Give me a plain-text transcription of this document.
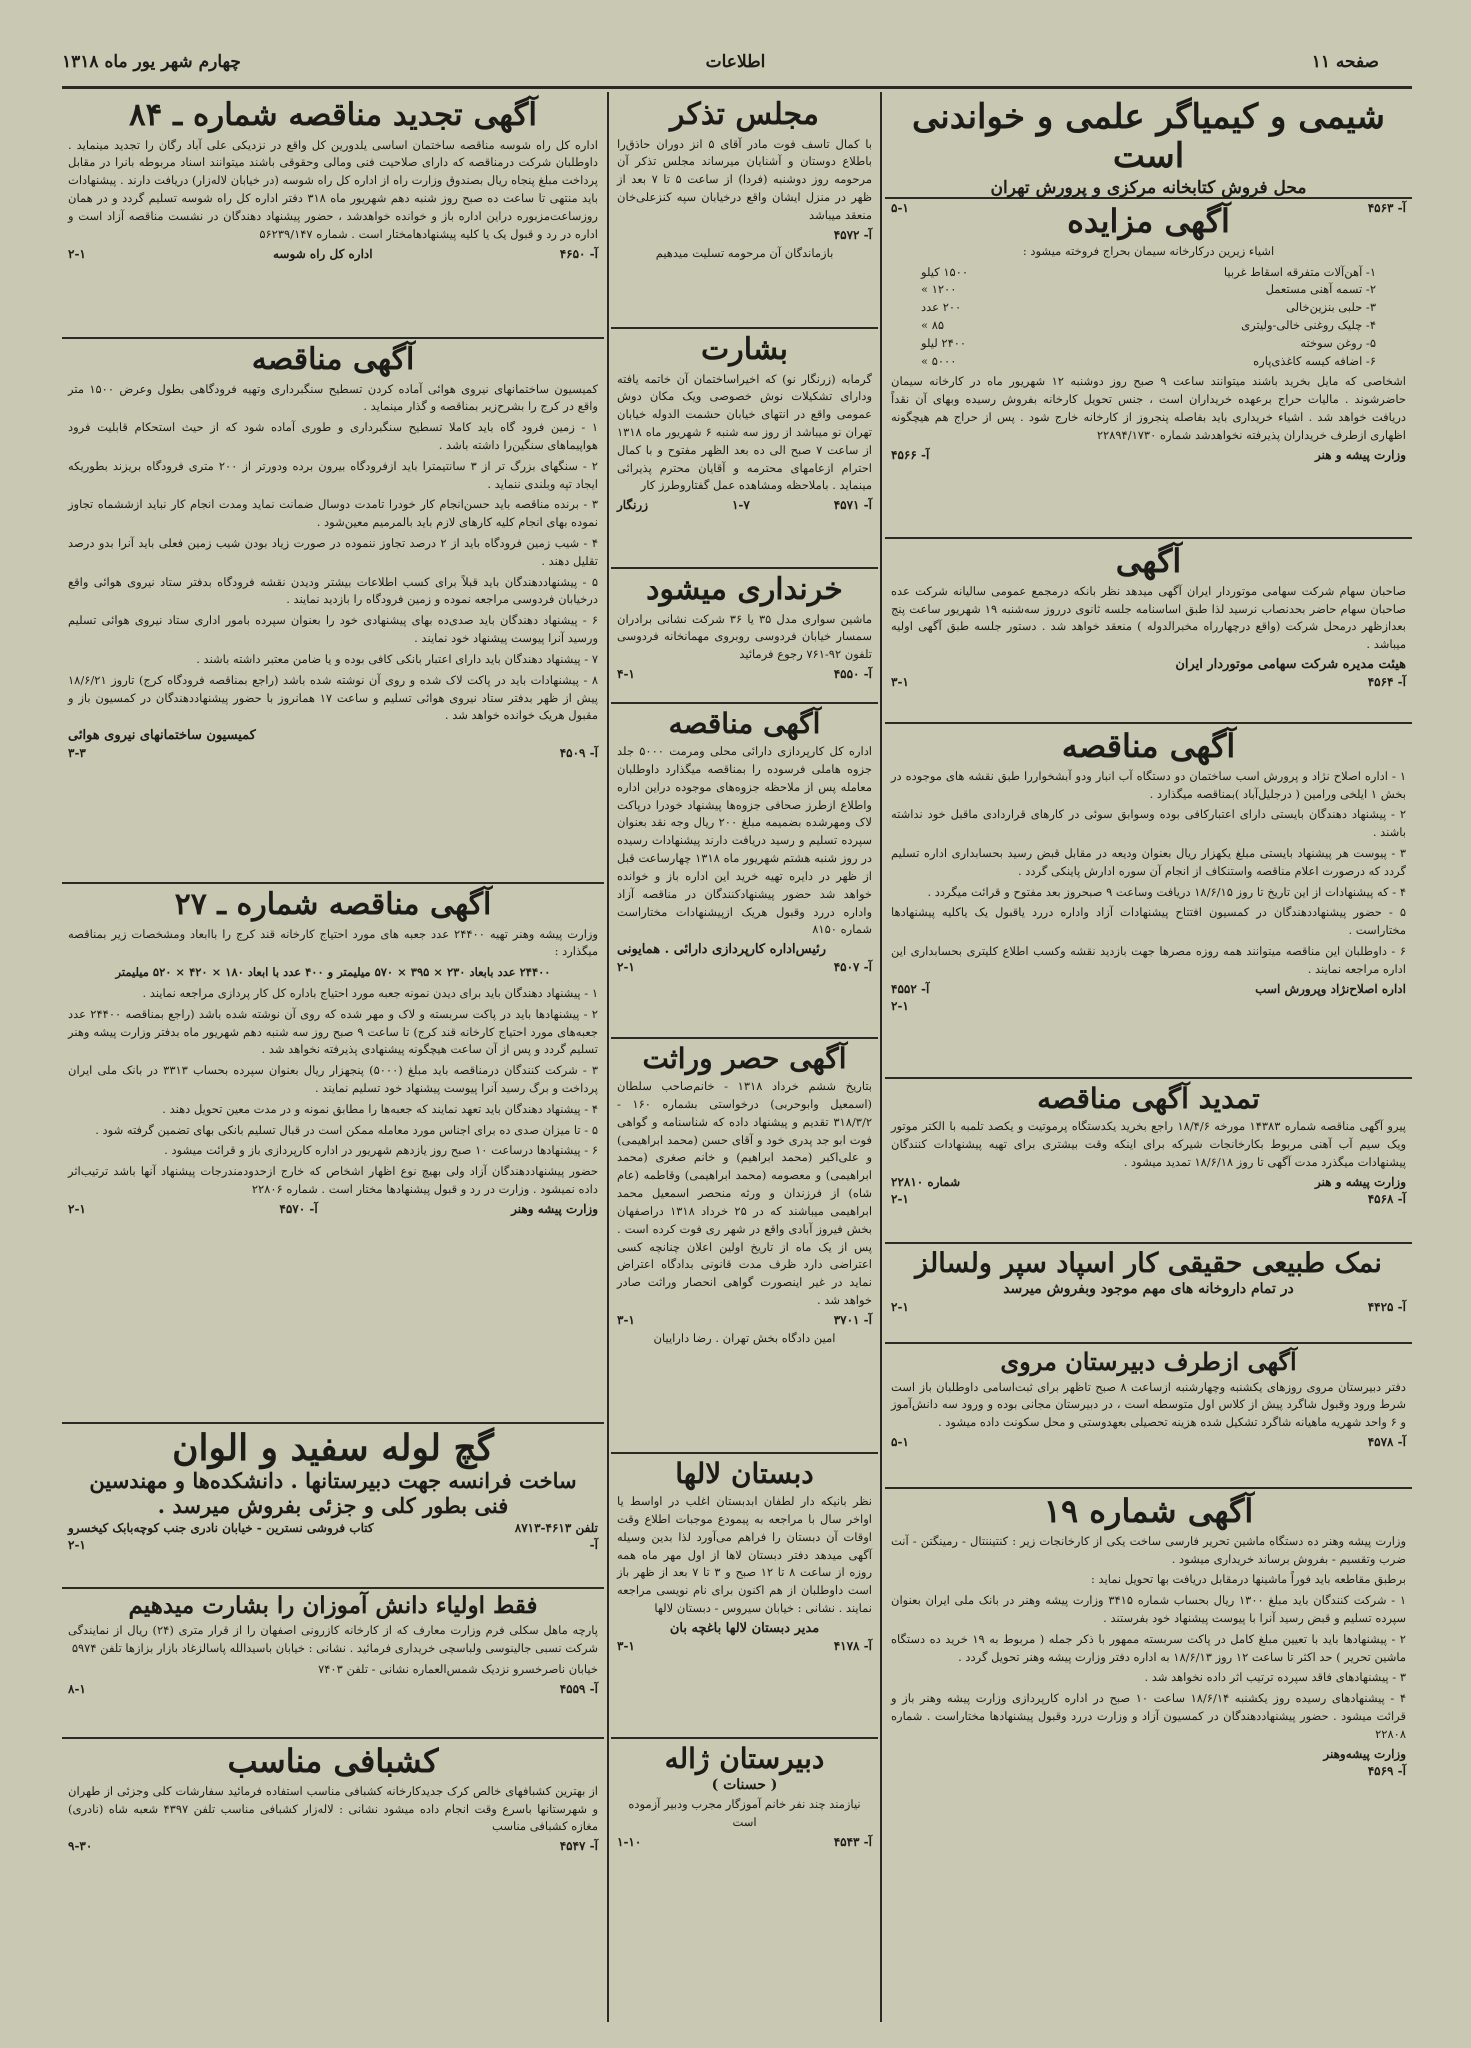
صفحه ۱۱
اطلاعات
چهارم شهر یور ماه ۱۳۱۸
شیمی و کیمیاگر علمی و خواندنی است
محل فروش کتابخانه مرکزی و پرورش تهران
آ- ۴۵۶۳
۵-۱	آگهی مزایده
اشیاء زیرین درکارخانه سیمان بحراج فروخته میشود :
۱- آهن‌آلات متفرقه اسقاط غربیا
۱۵۰۰ کیلو
۲- تسمه آهنی مستعمل
۱۲۰۰ »
۳- حلبی بنزین‌خالی
۲۰۰ عدد
۴- چلیک روغنی خالی-ولیتری
۸۵ »
۵- روغن سوخته
۲۴۰۰ لیلو
۶- اضافه کیسه کاغذی‌پاره
۵۰۰۰ »
اشخاصی که مایل بخرید باشند میتوانند ساعت ۹ صبح روز دوشنبه ۱۲ شهریور ماه در کارخانه سیمان حاضرشوند . مالیات حراج برعهده خریداران است ، جنس تحویل کارخانه بفروش رسیده وبهای آن نقداً دریافت خواهد شد . اشیاء خریداری باید بفاصله پنجروز از کارخانه خارج شود . پس از حراج هم هیچگونه اظهاری ازطرف خریداران پذیرفته نخواهدشد شماره ۲۲۸۹۴/۱۷۳۰
وزارت پیشه و هنر
آ- ۴۵۶۶
آگهی
صاحبان سهام شرکت سهامی موتوردار ایران آگهی میدهد نظر بانکه درمجمع عمومی سالیانه شرکت عده صاحبان سهام حاضر بحدنصاب نرسید لذا طبق اساسنامه جلسه ثانوی درروز سه‌شنبه ۱۹ شهریور ساعت پنج بعدازظهر درمحل شرکت (واقع درچهارراه مخبرالدوله ) منعقد خواهد شد . دستور جلسه طبق آگهی اولیه میباشد .
هیئت مدیره شرکت سهامی موتوردار ایران
آ- ۴۵۶۴
۳-۱
آگهی مناقصه
۱ - اداره اصلاح نژاد و پرورش اسب ساختمان دو دستگاه آب انبار ودو آبشخواررا طبق نقشه های موجوده در بخش ۱ ایلخی ورامین ( درجلیل‌آباد )بمناقصه میگذارد .
۲ - پیشنهاد دهندگان بایستی دارای اعتبارکافی بوده وسوابق سوئی در کارهای قراردادی ماقبل خود نداشته باشند .
۳ - پیوست هر پیشنهاد بایستی مبلغ یکهزار ریال بعنوان ودیعه در مقابل قبض رسید بحسابداری اداره تسلیم گردد که درصورت اعلام مناقصه واستنکاف از انجام آن سوره ادارش پاینکی گردد .
۴ - که پیشنهادات از این تاریخ تا روز ۱۸/۶/۱۵ دریافت وساعت ۹ صبحروز بعد مفتوح و قرائت میگردد .
۵ - حضور پیشنهاددهندگان در کمسیون افتتاح پیشنهادات آزاد واداره دررد یاقبول یک یاکلیه پیشنهادها مختاراست .
۶ - داوطلبان این مناقصه میتوانند همه روزه مصرها جهت بازدید نقشه وکسب اطلاع کلیتری بحسابداری این اداره مراجعه نمایند .
اداره اصلاح‌نژاد وپرورش اسب
آ- ۴۵۵۲
۲-۱
تمدید آگهی مناقصه
پیرو آگهی مناقصه شماره ۱۴۳۸۳ مورخه ۱۸/۴/۶ راجع بخرید یکدستگاه پرموتیت و یکصد تلمبه با الکتر موتور ویک سیم آب آهنی مربوط بکارخانجات شیرکه برای اینکه وقت بیشتری برای تهیه پیشنهادات کنندگان پیشنهادات میگذرد مدت آگهی تا روز ۱۸/۶/۱۸ تمدید میشود .
وزارت پیشه و هنر
شماره ۲۲۸۱۰
آ- ۴۵۶۸
۲-۱
نمک طبیعی حقیقی کار اسپاد سپر ولسالز
در تمام داروخانه های مهم موجود وبفروش میرسد
آ- ۴۴۲۵
۲-۱
آگهی ازطرف دبیرستان مروی
دفتر دبیرستان مروی روزهای یکشنبه وچهارشنبه ازساعت ۸ صبح تاظهر برای ثبت‌اسامی داوطلبان باز است شرط ورود وقبول شاگرد پیش از کلاس اول متوسطه است ، در دبیرستان مجانی بوده و ورود سه دانش‌آموز و ۶ واحد شهریه ماهیانه شاگرد تشکیل شده هزینه تحصیلی بعهدوستی و محل سکونت داده میشود .
آ- ۴۵۷۸
۵-۱
آگهی شماره ۱۹
وزارت پیشه وهنر ده دستگاه ماشین تحریر فارسی ساخت یکی از کارخانجات زیر : کنتیننتال - رمینگتن - آنت ضرب وتقسیم - بفروش برساند خریداری میشود .
برطبق مقاطعه باید فوراً ماشینها درمقابل دریافت بها تحویل نماید :
۱ - شرکت کنندگان باید مبلغ ۱۳۰۰ ریال بحساب شماره ۳۴۱۵ وزارت پیشه وهنر در بانک ملی ایران بعنوان سپرده تسلیم و قبض رسید آنرا با پیوست پیشنهاد خود بفرستند .
۲ - پیشنهادها باید با تعیین مبلغ کامل در پاکت سربسته ممهور با ذکر جمله ( مربوط به ۱۹ خرید ده دستگاه ماشین تحریر ) حد اکثر تا ساعت ۱۲ روز ۱۸/۶/۱۳ به اداره دفتر وزارت پیشه وهنر تحویل گردد .
۳ - پیشنهادهای فاقد سپرده ترتیب اثر داده نخواهد شد .
۴ - پیشنهادهای رسیده روز یکشنبه ۱۸/۶/۱۴ ساعت ۱۰ صبح در اداره کارپردازی وزارت پیشه وهنر باز و قرائت میشود . حضور پیشنهاددهندگان در کمسیون آزاد و وزارت دررد وقبول پیشنهادها مختاراست . شماره ۲۲۸۰۸
وزارت پیشه‌وهنر
آ- ۴۵۶۹
مجلس تذکر
با کمال تاسف فوت مادر آقای ۵ انز دوران حاذق‌را باطلاع دوستان و آشنایان میرساند مجلس تذکر آن مرحومه روز دوشنبه (فردا) از ساعت ۵ تا ۷ بعد از ظهر در منزل ایشان واقع درخیابان سپه کنزعلی‌خان منعقد میباشد
آ- ۴۵۷۲
بازماندگان آن مرحومه تسلیت میدهیم
بشارت
گرمابه (زرنگار نو) که اخیراساختمان آن خاتمه یافته ودارای تشکیلات نوش خصوصی ویک مکان دوش عمومی واقع در انتهای خیابان حشمت الدوله خیابان تهران نو میباشد از روز سه شنبه ۶ شهریور ماه ۱۳۱۸ از ساعت ۷ صبح الی ده بعد الظهر مفتوح و با کمال احترام ازعامهای محترمه و آقایان محترم پذیرائی مینماید . باملاحظه ومشاهده عمل گفتاروطرز کار
آ- ۴۵۷۱
۱-۷
زرنگار
خرنداری میشود
ماشین سواری مدل ۳۵ یا ۳۶ شرکت نشانی برادران سمسار خیابان فردوسی روبروی مهمانخانه فردوسی تلفون ۹۲-۷۶۱ رجوع فرمائید
آ- ۴۵۵۰
۴-۱
آگهی مناقصه
اداره کل کارپردازی دارائی محلی ومرمت ۵۰۰۰ جلد جزوه هاملی فرسوده را بمناقصه میگذارد داوطلبان معامله پس از ملاحظه جزوه‌های موجوده دراین اداره واطلاع ازطرز صحافی جزوه‌ها پیشنهاد خودرا درپاکت لاک ومهرشده بضمیمه مبلغ ۲۰۰ ریال وجه نقد بعنوان سپرده تسلیم و رسید دریافت دارند پیشنهادات رسیده در روز شنبه هشتم شهریور ماه ۱۳۱۸ چهارساعت قبل از ظهر در دایره تهیه خرید این اداره باز و خوانده خواهد شد حضور پیشنهادکنندگان در مناقصه آزاد واداره دررد وقبول هریک ازپیشنهادات مختاراست شماره ۸۱۵۰
رئیس‌اداره کارپردازی دارائی . همایونی
آ- ۴۵۰۷
۲-۱
آگهی حصر وراثت
بتاریخ ششم خرداد ۱۳۱۸ - خانم‌صاحب سلطان (اسمعیل وابوحربی) درخواستی بشماره ۱۶۰ - ۳۱۸/۳/۲ تقدیم و پیشنهاد داده که شناسنامه و گواهی فوت ابو جد پدری خود و آقای حسن (محمد ابراهیمی) و علی‌اکبر (محمد ابراهیم) و خانم صغری (محمد ابراهیمی) و معصومه (محمد ابراهیمی) وقاطمه (عام شاه) از فرزندان و ورثه منحصر اسمعیل محمد ابراهیمی میباشند که در ۲۵ خرداد ۱۳۱۸ دراصفهان بخش فیروز آبادی واقع در شهر ری فوت کرده است . پس از یک ماه از تاریخ اولین اعلان چنانچه کسی اعتراضی دارد ظرف مدت قانونی بدادگاه اعتراض نماید در غیر اینصورت گواهی انحصار وراثت صادر خواهد شد .
آ- ۳۷۰۱
۳-۱
امین دادگاه بخش تهران . رضا داراییان
دبستان لالها
نظر بانیکه دار لطفان ابدبستان اغلب در اواسط یا اواخر سال با مراجعه به پیمودع موجبات اطلاع وقت اوقات آن دبستان را فراهم می‌آورد لذا بدین وسیله آگهی میدهد دفتر دبستان لاها از اول مهر ماه همه روزه از ساعت ۸ تا ۱۲ صبح و ۳ تا ۷ بعد از ظهر باز است داوطلبان از هم اکنون برای نام نویسی مراجعه نمایند . نشانی : خیابان سیروس - دبستان لالها
مدیر دبستان لالها باغچه بان
آ- ۴۱۷۸
۳-۱
دبیرستان ژاله
( حسنات )
نیازمند چند نفر خانم آموزگار مجرب ودبیر آزموده است
آ- ۴۵۴۳
۱-۱۰
آگهی تجدید مناقصه شماره ـ ۸۴
اداره کل راه شوسه مناقصه ساختمان اساسی یلدورین کل واقع در نزدیکی علی آباد رگان را تجدید مینماید . داوطلبان شرکت درمناقصه که دارای صلاحیت فنی ومالی وحقوقی باشند میتوانند اسناد مربوطه بانرا در مقابل پرداخت مبلغ پنجاه ریال بصندوق وزارت راه از اداره کل راه شوسه (در خیابان لاله‌زار) دریافت دارند . پیشنهادات باید منتهی تا ساعت ده صبح روز شنبه دهم شهریور ماه ۳۱۸ دفتر اداره کل راه شوسه تسلیم گردد و در همان روزساعت‌مزبوره دراین اداره باز و خوانده خواهدشد ، حضور پیشنهاد دهندگان در نشست مناقصه آزاد است و اداره در رد و قبول یک یا کلیه پیشنهادهامختار است . شماره ۵۶۲۳۹/۱۴۷
آ- ۴۶۵۰
اداره کل راه شوسه
۲-۱
آگهی مناقصه
کمیسیون ساختمانهای نیروی هوائی آماده کردن تسطیح سنگبرداری وتهیه فرودگاهی بطول وعرض ۱۵۰۰ متر واقع در کرج را بشرح‌زیر بمناقصه و گذار مینماید .
۱ - زمین فرود گاه باید کاملا تسطیح سنگبرداری و طوری آماده شود که از حیث استحکام قابلیت فرود هواپیماهای سنگین‌را داشته باشد .
۲ - سنگهای بزرگ تر از ۳ سانتیمترا باید ازفرودگاه بیرون برده ودورتر از ۲۰۰ متری فرودگاه بریزند بطوریکه ایجاد تپه وبلندی ننماید .
۳ - برنده مناقصه باید حسن‌انجام کار خودرا تامدت دوسال ضمانت نماید ومدت انجام کار نباید ازششماه تجاوز نموده بهای انجام کلیه کارهای لازم باید بالمرمیم معین‌شود .
۴ - شیب زمین فرودگاه باید از ۲ درصد تجاوز ننموده در صورت زیاد بودن شیب زمین فعلی باید آنرا بدو درصد تقلیل دهند .
۵ - پیشنهاددهندگان باید قبلاً برای کسب اطلاعات بیشتر ودیدن نقشه فرودگاه بدفتر ستاد نیروی هوائی واقع درخیابان فردوسی مراجعه نموده و زمین فرودگاه را بازدید نمایند .
۶ - پیشنهاد دهندگان باید صدی‌ده بهای پیشنهادی خود را بعنوان سپرده بامور اداری ستاد نیروی هوائی تسلیم ورسید آنرا پیوست پیشنهاد خود نمایند .
۷ - پیشنهاد دهندگان باید دارای اعتبار بانکی کافی بوده و یا ضامن معتبر داشته باشند .
۸ - پیشنهادات باید در پاکت لاک شده و روی آن نوشته شده باشد (راجع بمناقصه فرودگاه کرج) تاروز ۱۸/۶/۲۱ پیش از ظهر بدفتر ستاد نیروی هوائی تسلیم و ساعت ۱۷ همانروز با حضور پیشنهاددهندگان در کمسیون باز و مقبول هریک خوانده خواهد شد .
کمیسیون ساختمانهای نیروی هوائی
آ- ۴۵۰۹
۳-۳
آگهی مناقصه شماره ـ ۲۷
وزارت پیشه وهنر تهیه ۲۴۴۰۰ عدد جعبه های مورد احتیاج کارخانه قند کرج را باابعاد ومشخصات زیر بمناقصه میگذارد :
۲۴۴۰۰ عدد بابعاد ۲۳۰ × ۳۹۵ × ۵۷۰ میلیمتر و ۴۰۰ عدد با ابعاد ۱۸۰ × ۴۲۰ × ۵۲۰ میلیمتر
۱ - پیشنهاد دهندگان باید برای دیدن نمونه جعبه مورد احتیاج باداره کل کار پردازی مراجعه نمایند .
۲ - پیشنهادها باید در پاکت سربسته و لاک و مهر شده که روی آن نوشته شده باشد (راجع بمناقصه ۲۴۴۰۰ عدد جعبه‌های مورد احتیاج کارخانه قند کرج) تا ساعت ۹ صبح روز سه شنبه دهم شهریور ماه بدفتر وزارت پیشه وهنر تسلیم گردد و پس از آن ساعت هیچگونه پیشنهادی پذیرفته نخواهد شد .
۳ - شرکت کنندگان درمناقصه باید مبلغ (۵۰۰۰) پنجهزار ریال بعنوان سپرده بحساب ۳۳۱۳ در بانک ملی ایران پرداخت و برگ رسید آنرا پیوست پیشنهاد خود تسلیم نمایند .
۴ - پیشنهاد دهندگان باید تعهد نمایند که جعبه‌ها را مطابق نمونه و در مدت معین تحویل دهند .
۵ - تا میزان صدی ده برای اجناس مورد معامله ممکن است در قبال تسلیم بانکی بهای تضمین گرفته شود .
۶ - پیشنهادها درساعت ۱۰ صبح روز یازدهم شهریور در اداره کارپردازی باز و قرائت میشود .
حضور پیشنهاددهندگان آزاد ولی بهیچ نوع اظهار اشخاص که خارج ازحدودمندرجات پیشنهاد آنها باشد ترتیب‌اثر داده نمیشود . وزارت در رد و قبول پیشنهادها مختار است . شماره ۲۲۸۰۶
وزارت پیشه وهنر
آ- ۴۵۷۰
۲-۱
گچ لوله سفید و الوان
ساخت فرانسه جهت دبیرستانها . دانشکده‌ها و مهندسین
فنی بطور کلی و جزئی بفروش میرسد .
تلفن ۴۶۱۳-۸۷۱۳
کتاب فروشی نسترین - خیابان نادری جنب کوچه‌بابک کیخسرو
آ-
۲-۱
فقط اولیاء دانش آموزان را بشارت میدهیم
پارچه ماهل سکلی فرم وزارت معارف که از کارخانه کازرونی اصفهان را از قرار متری (۲۴) ریال از نمایندگی شرکت نسبی جالینوسی ولباسچی خریداری فرمائید . نشانی : خیابان باسیدالله پاسالزغاد بازار بزازها تلفن ۵۹۷۴
خیابان ناصرخسرو نزدیک شمس‌العماره نشانی - تلفن ۷۴۰۳
آ- ۴۵۵۹
۸-۱
کشبافی مناسب
از بهترین کشبافهای خالص کرک جدیدکارخانه کشبافی مناسب استفاده فرمائید سفارشات کلی وجزئی از طهران و شهرستانها باسرع وقت انجام داده میشود نشانی : لاله‌زار کشبافی مناسب تلفن ۴۳۹۷ شعبه شاه (نادری) مغازه کشبافی مناسب
آ- ۴۵۴۷
۹-۳۰
